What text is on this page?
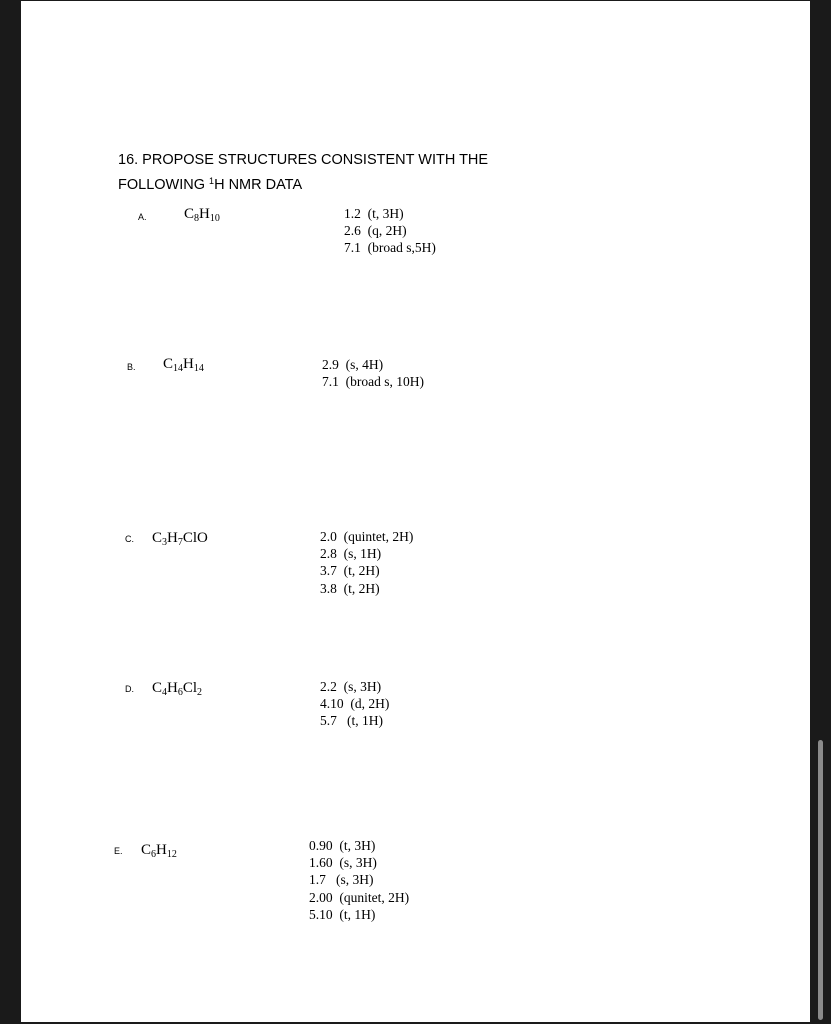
16. PROPOSE STRUCTURES CONSISTENT WITH THE
FOLLOWING $^1$H NMR DATA
A. $C_8H_{10}$	1.2  (t, 3H)
2.6  (q, 2H)
7.1  (broad s,5H)
B. $C_{14}H_{14}$	2.9  (s, 4H)
7.1  (broad s, 10H)
C. $C_3H_7ClO$	2.0  (quintet, 2H)
2.8  (s, 1H)
3.7  (t, 2H)
3.8  (t, 2H)
D. $C_4H_6Cl_2$	2.2  (s, 3H)
4.10  (d, 2H)
5.7   (t, 1H)
E. $C_6H_{12}$
0.90  (t, 3H)
1.60  (s, 3H)
1.7   (s, 3H)
2.00  (qunitet, 2H)
5.10  (t, 1H)
